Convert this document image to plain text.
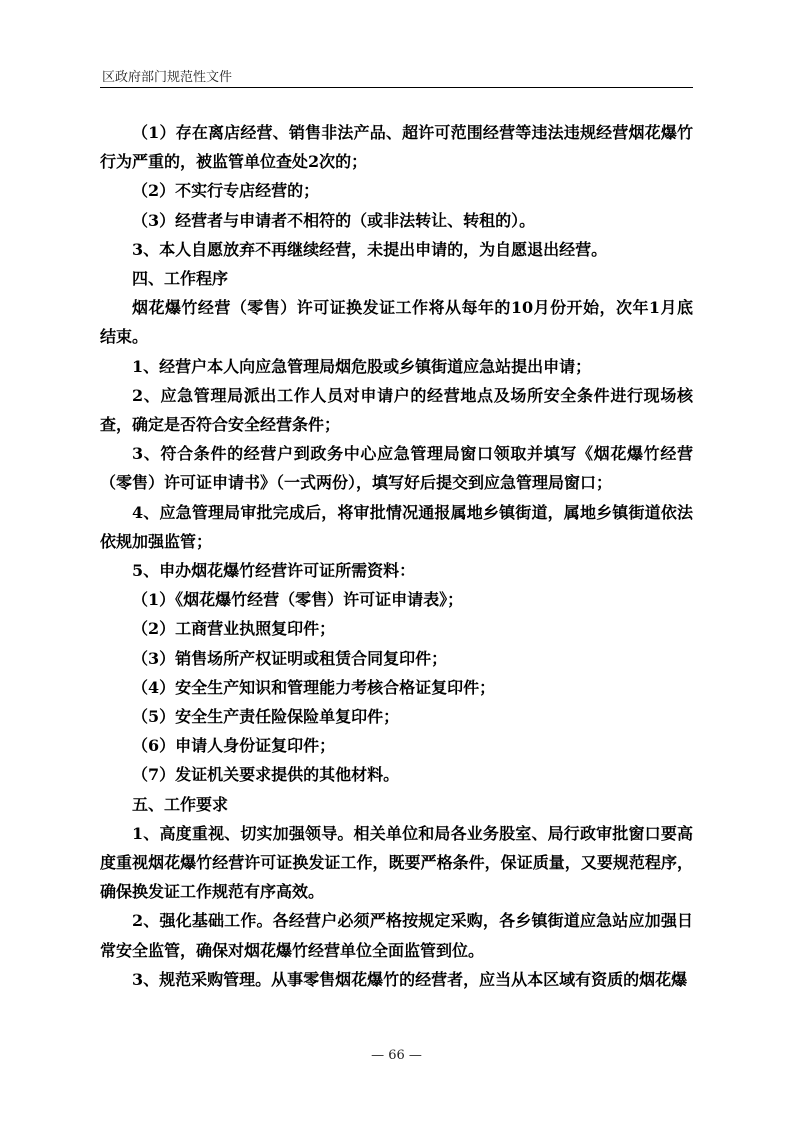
区政府部门规范性文件

（1）存在离店经营、销售非法产品、超许可范围经营等违法违规经营烟花爆竹行为严重的，被监管单位查处2次的；

（2）不实行专店经营的；

（3）经营者与申请者不相符的（或非法转让、转租的）。

3、本人自愿放弃不再继续经营，未提出申请的，为自愿退出经营。

四、工作程序

烟花爆竹经营（零售）许可证换发证工作将从每年的10月份开始，次年1月底结束。

1、经营户本人向应急管理局烟危股或乡镇街道应急站提出申请；

2、应急管理局派出工作人员对申请户的经营地点及场所安全条件进行现场核查，确定是否符合安全经营条件；

3、符合条件的经营户到政务中心应急管理局窗口领取并填写《烟花爆竹经营（零售）许可证申请书》（一式两份），填写好后提交到应急管理局窗口；

4、应急管理局审批完成后，将审批情况通报属地乡镇街道，属地乡镇街道依法依规加强监管；

5、申办烟花爆竹经营许可证所需资料：

（1）《烟花爆竹经营（零售）许可证申请表》；

（2）工商营业执照复印件；

（3）销售场所产权证明或租赁合同复印件；

（4）安全生产知识和管理能力考核合格证复印件；

（5）安全生产责任险保险单复印件；

（6）申请人身份证复印件；

（7）发证机关要求提供的其他材料。

五、工作要求

1、高度重视、切实加强领导。相关单位和局各业务股室、局行政审批窗口要高度重视烟花爆竹经营许可证换发证工作，既要严格条件，保证质量，又要规范程序，确保换发证工作规范有序高效。

2、强化基础工作。各经营户必须严格按规定采购，各乡镇街道应急站应加强日常安全监管，确保对烟花爆竹经营单位全面监管到位。

3、规范采购管理。从事零售烟花爆竹的经营者，应当从本区域有资质的烟花爆

— 66 —
